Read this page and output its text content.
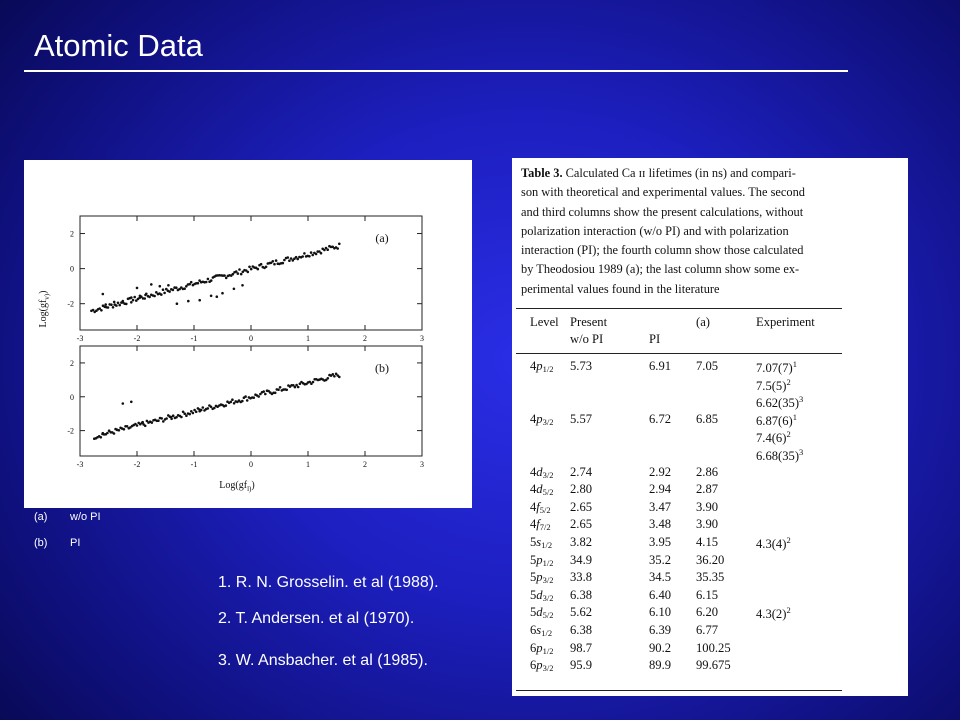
Atomic Data
-3	-2	-1	0	1	2	3
2
0
-2
(a)
$Log(gf_{v)})$
-3	-2	-1	0	1	2	3
2
0
-2
(b)
$Log(gf_{l)})$
(a) w/o PI
(b) PI
1. R. N. Grosselin. et al (1988).
2. T. Andersen. et al (1970).
3. W. Ansbacher. et al (1985).
Table 3. Calculated Ca ɪɪ lifetimes (in ns) and compari-
son with theoretical and experimental values. The second
and third columns show the present calculations, without
polarization interaction (w/o PI) and with polarization
interaction (PI); the fourth column show those calculated
by Theodosiou 1989 (a); the last column show some ex-
perimental values found in the literature
Level Present
w/o PI	PI
(a)	Experiment
$4p_{1/2}$ 5.73	6.91 7.05	$7.07(7)^1$
$7.5(5)^2$
$6.62(35)^3$
$4p_{3/2}$ 5.57	6.72 6.85	$6.87(6)^1$
$7.4(6)^2$
$6.68(35)^3$
$4d_{3/2}$ 2.74	2.92 2.86
$4d_{5/2}$ 2.80	2.94 2.87
$4f_{5/2}$ 2.65	3.47 3.90
$4f_{7/2}$ 2.65	3.48 3.90
$5s_{1/2}$ 3.82	3.95 4.15	$4.3(4)^2$
$5p_{1/2}$ 34.9	35.2 36.20
$5p_{3/2}$ 33.8	34.5 35.35
$5d_{3/2}$ 6.38	6.40 6.15
$5d_{5/2}$ 5.62	6.10 6.20	$4.3(2)^2$
$6s_{1/2}$ 6.38	6.39 6.77
$6p_{1/2}$ 98.7	90.2 100.25
$6p_{3/2}$ 95.9	89.9 99.675
